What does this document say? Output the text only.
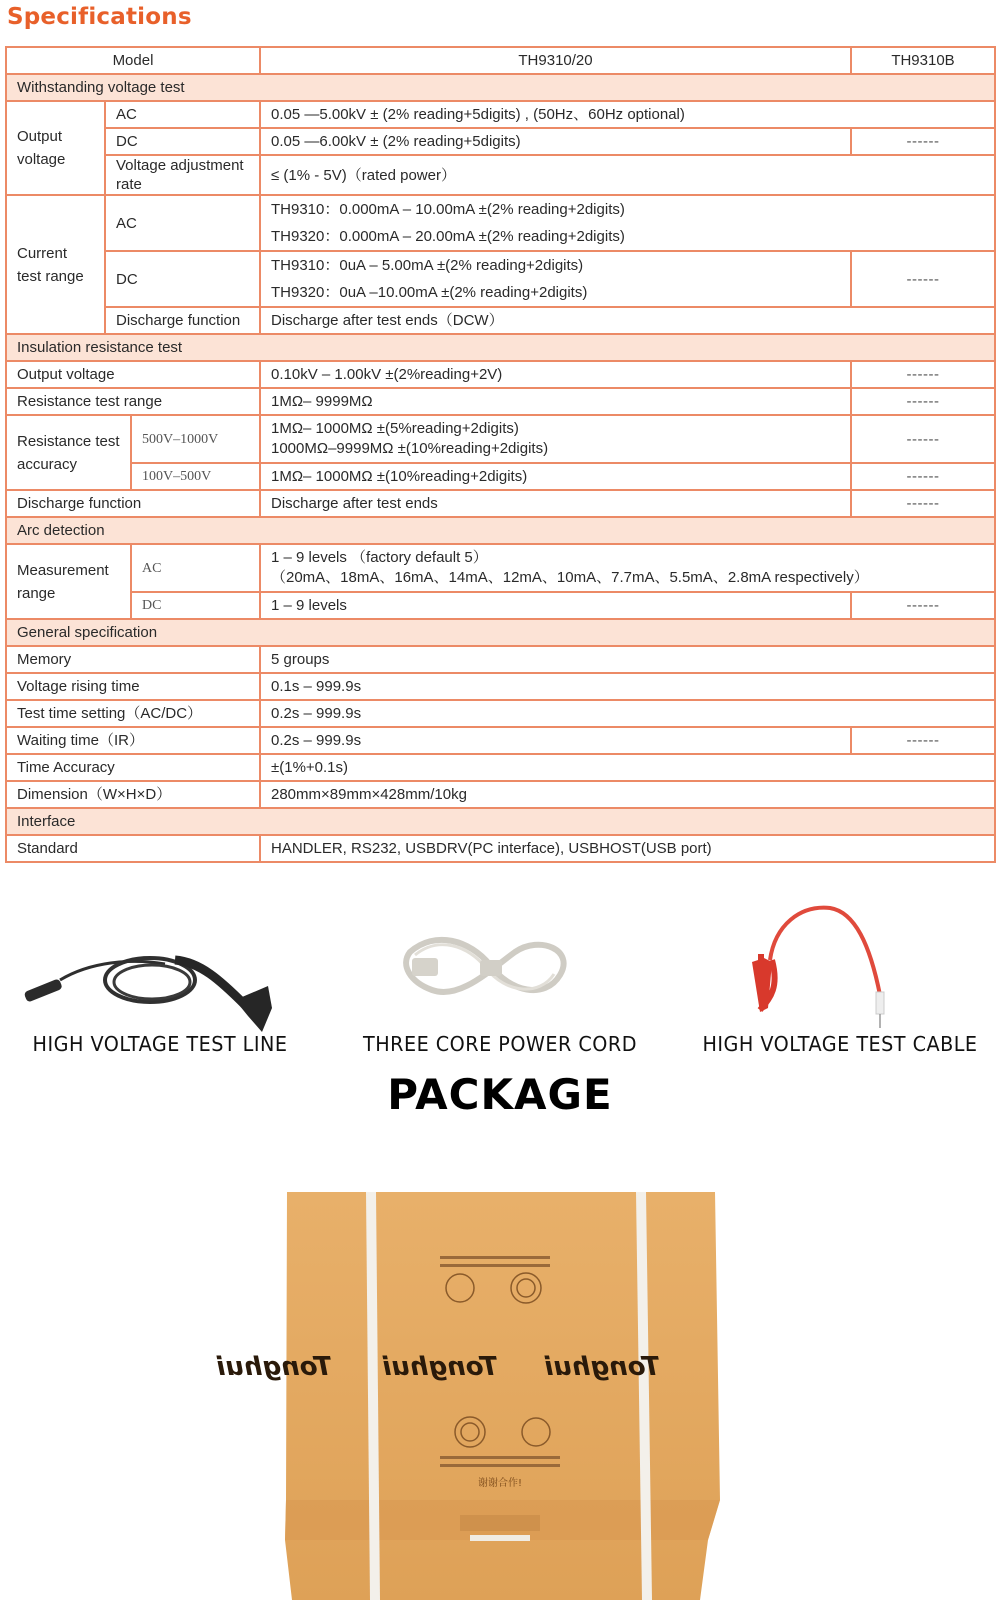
Specifications
Model			TH9310/20	TH9310B
Withstanding voltage test				
Output voltage	AC		0.05 —5.00kV ± (2% reading+5digits) , (50Hz、60Hz optional)	
	DC		0.05 —6.00kV ± (2% reading+5digits)	------
	Voltage adjustment rate		≤ (1% - 5V)（rated power）	
Current test range	AC		TH9310：0.000mA – 10.00mA ±(2% reading+2digits)
TH9320：0.000mA – 20.00mA ±(2% reading+2digits)	

	DC		TH9310：0uA – 5.00mA ±(2% reading+2digits)
TH9320：0uA –10.00mA ±(2% reading+2digits)	------
	Discharge function		Discharge after test ends（DCW）	
Insulation resistance test				
Output voltage			0.10kV – 1.00kV ±(2%reading+2V)	------
Resistance test range			1MΩ– 9999MΩ	------
Resistance test accuracy		500V–1000V	1MΩ– 1000MΩ ±(5%reading+2digits)
1000MΩ–9999MΩ ±(10%reading+2digits)	------
		100V–500V	1MΩ– 1000MΩ ±(10%reading+2digits)	------
Discharge function			Discharge after test ends	------
Arc detection				
Measurement range		AC	1 – 9 levels （factory default 5）
（20mA、18mA、16mA、14mA、12mA、10mA、7.7mA、5.5mA、2.8mA respectively）	

		DC	1 – 9 levels	------
General specification				
Memory			5 groups	
Voltage rising time			0.1s – 999.9s	
Test time setting（AC/DC）			0.2s – 999.9s	
Waiting time（IR）			0.2s – 999.9s	------
Time Accuracy			±(1%+0.1s)	
Dimension（W×H×D）			280mm×89mm×428mm/10kg	
Interface				
Standard			HANDLER, RS232, USBDRV(PC interface), USBHOST(USB port)	
HIGH VOLTAGE TEST LINE	THREE CORE POWER CORD	HIGH VOLTAGE TEST CABLE
PACKAGE
Tonghui Tonghui Tonghui
谢谢合作!
